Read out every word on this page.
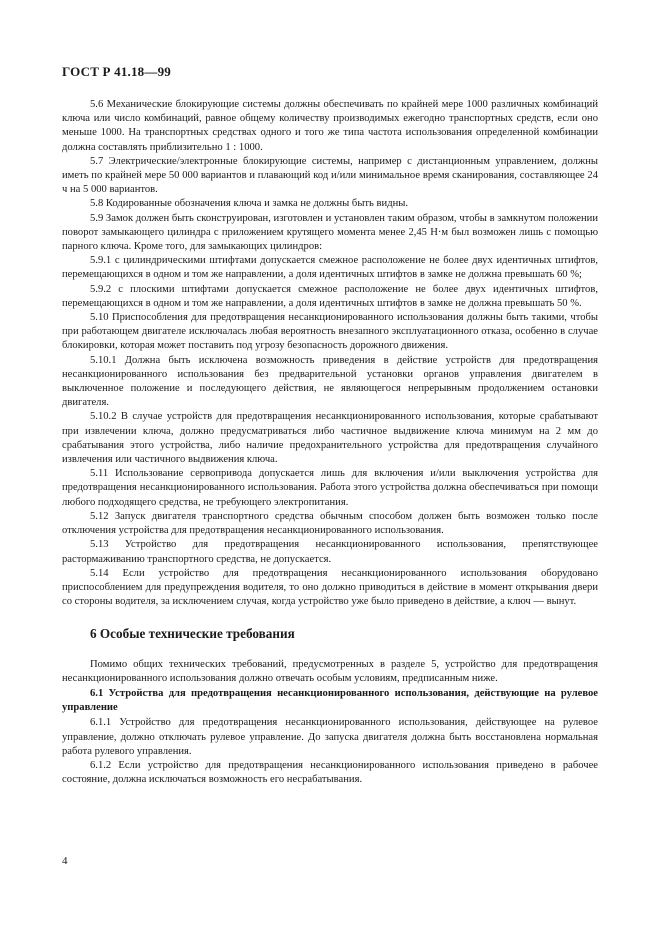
ГОСТ Р 41.18—99

5.6 Механические блокирующие системы должны обеспечивать по крайней мере 1000 различных комбинаций ключа или число комбинаций, равное общему количеству производимых ежегодно транспортных средств, если оно меньше 1000. На транспортных средствах одного и того же типа частота использования определенной комбинации должна составлять приблизительно 1 : 1000.

5.7 Электрические/электронные блокирующие системы, например с дистанционным управлением, должны иметь по крайней мере 50 000 вариантов и плавающий код и/или минимальное время сканирования, составляющее 24 ч на 5 000 вариантов.

5.8 Кодированные обозначения ключа и замка не должны быть видны.

5.9 Замок должен быть сконструирован, изготовлен и установлен таким образом, чтобы в замкнутом положении поворот замыкающего цилиндра с приложением крутящего момента менее 2,45 Н·м был возможен лишь с помощью парного ключа. Кроме того, для замыкающих цилиндров:

5.9.1 с цилиндрическими штифтами допускается смежное расположение не более двух идентичных штифтов, перемещающихся в одном и том же направлении, а доля идентичных штифтов в замке не должна превышать 60 %;

5.9.2 с плоскими штифтами допускается смежное расположение не более двух идентичных штифтов, перемещающихся в одном и том же направлении, а доля идентичных штифтов в замке не должна превышать 50 %.

5.10 Приспособления для предотвращения несанкционированного использования должны быть такими, чтобы при работающем двигателе исключалась любая вероятность внезапного эксплуатационного отказа, особенно в случае блокировки, которая может поставить под угрозу безопасность дорожного движения.

5.10.1 Должна быть исключена возможность приведения в действие устройств для предотвращения несанкционированного использования без предварительной установки органов управления двигателем в выключенное положение и последующего действия, не являющегося непрерывным продолжением остановки двигателя.

5.10.2 В случае устройств для предотвращения несанкционированного использования, которые срабатывают при извлечении ключа, должно предусматриваться либо частичное выдвижение ключа минимум на 2 мм до срабатывания этого устройства, либо наличие предохранительного устройства для предотвращения случайного извлечения или частичного выдвижения ключа.

5.11 Использование сервопривода допускается лишь для включения и/или выключения устройства для предотвращения несанкционированного использования. Работа этого устройства должна обеспечиваться при помощи любого подходящего средства, не требующего электропитания.

5.12 Запуск двигателя транспортного средства обычным способом должен быть возможен только после отключения устройства для предотвращения несанкционированного использования.

5.13 Устройство для предотвращения несанкционированного использования, препятствующее растормаживанию транспортного средства, не допускается.

5.14 Если устройство для предотвращения несанкционированного использования оборудовано приспособлением для предупреждения водителя, то оно должно приводиться в действие в момент открывания двери со стороны водителя, за исключением случая, когда устройство уже было приведено в действие, а ключ — вынут.

6 Особые технические требования

Помимо общих технических требований, предусмотренных в разделе 5, устройство для предотвращения несанкционированного использования должно отвечать особым условиям, предписанным ниже.

6.1 Устройства для предотвращения несанкционированного использования, действующие на рулевое управление

6.1.1 Устройство для предотвращения несанкционированного использования, действующее на рулевое управление, должно отключать рулевое управление. До запуска двигателя должна быть восстановлена нормальная работа рулевого управления.

6.1.2 Если устройство для предотвращения несанкционированного использования приведено в рабочее состояние, должна исключаться возможность его несрабатывания.

4
